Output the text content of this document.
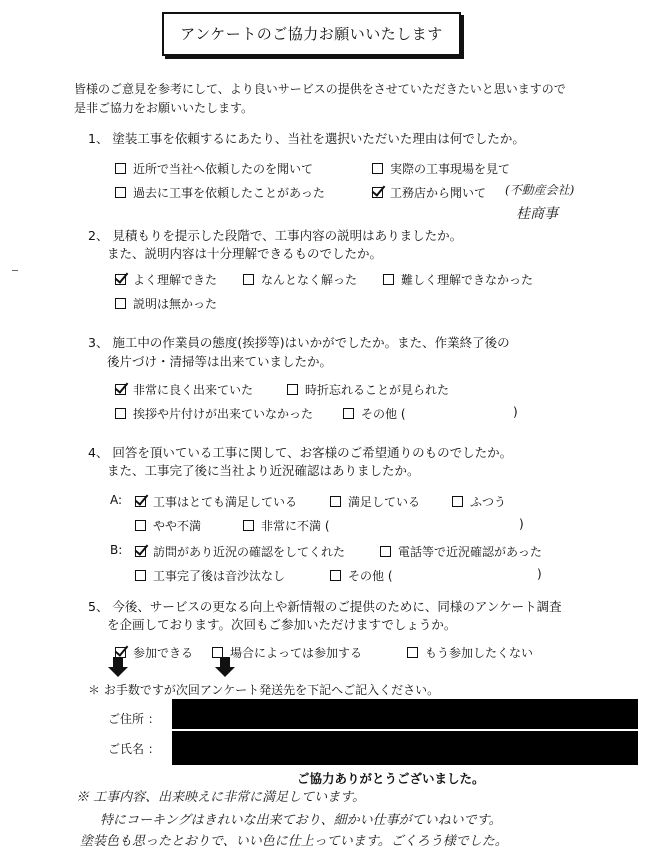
アンケートのご協力お願いいたします
皆様のご意見を参考にして、より良いサービスの提供をさせていただきたいと思いますので
是非ご協力をお願いいたします。
1、 塗装工事を依頼するにあたり、当社を選択いただいた理由は何でしたか。
近所で当社へ依頼したのを聞いて	実際の工事現場を見て
過去に工事を依頼したことがあった	工務店から聞いて (不動産会社)
桂商事
2、 見積もりを提示した段階で、工事内容の説明はありましたか。
また、説明内容は十分理解できるものでしたか。
よく理解できた	なんとなく解った	難しく理解できなかった
説明は無かった
3、 施工中の作業員の態度(挨拶等)はいかがでしたか。また、作業終了後の
後片づけ・清掃等は出来ていましたか。
非常に良く出来ていた	時折忘れることが見られた
挨拶や片付けが出来ていなかった	その他 (	)
4、 回答を頂いている工事に関して、お客様のご希望通りのものでしたか。
また、工事完了後に当社より近況確認はありましたか。
A:	工事はとても満足している	満足している	ふつう
やや不満	非常に不満 (	)
B:	訪問があり近況の確認をしてくれた	電話等で近況確認があった
工事完了後は音沙汰なし	その他 (	)
5、 今後、サービスの更なる向上や新情報のご提供のために、同様のアンケート調査
を企画しております。次回もご参加いただけますでしょうか。
参加できる	場合によっては参加する	もう参加したくない
＊ お手数ですが次回アンケート発送先を下記へご記入ください。
ご住所 ：
ご氏名 ：
ご協力ありがとうございました。
※ 工事内容、出来映えに非常に満足しています。
特にコーキングはきれいな出来ており、細かい仕事がていねいです。
塗装色も思ったとおりで、いい色に仕上っています。ごくろう様でした。
